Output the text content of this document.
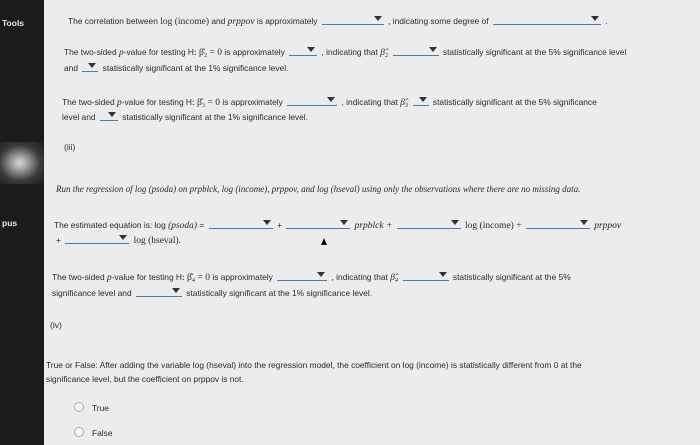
Tools
pus
The correlation between log (income) and prppov is approximately	, indicating some degree of	.
The two-sided p-value for testing H: β̂₂ = 0 is approximately	, indicating that β̂₂	statistically significant at the 5% significance level
and	statistically significant at the 1% significance level.
The two-sided p-value for testing H: β̂₃ = 0 is approximately	, indicating that β̂₃	statistically significant at the 5% significance
level and	statistically significant at the 1% significance level.
(iii)
Run the regression of log (psoda) on prpblck, log (income), prppov, and log (hseval) using only the observations where there are no missing data.
The estimated equation is: log (psoda) =	+	prpblck +	log (income) +	prppov
+	log (hseval).
The two-sided p-value for testing H: β̂₄ = 0 is approximately	, indicating that β̂₄	statistically significant at the 5%
significance level and	statistically significant at the 1% significance level.
(iv)
True or False: After adding the variable log (hseval) into the regression model, the coefficient on log (income) is statistically different from 0 at the
significance level, but the coefficient on prppov is not.
True
False
